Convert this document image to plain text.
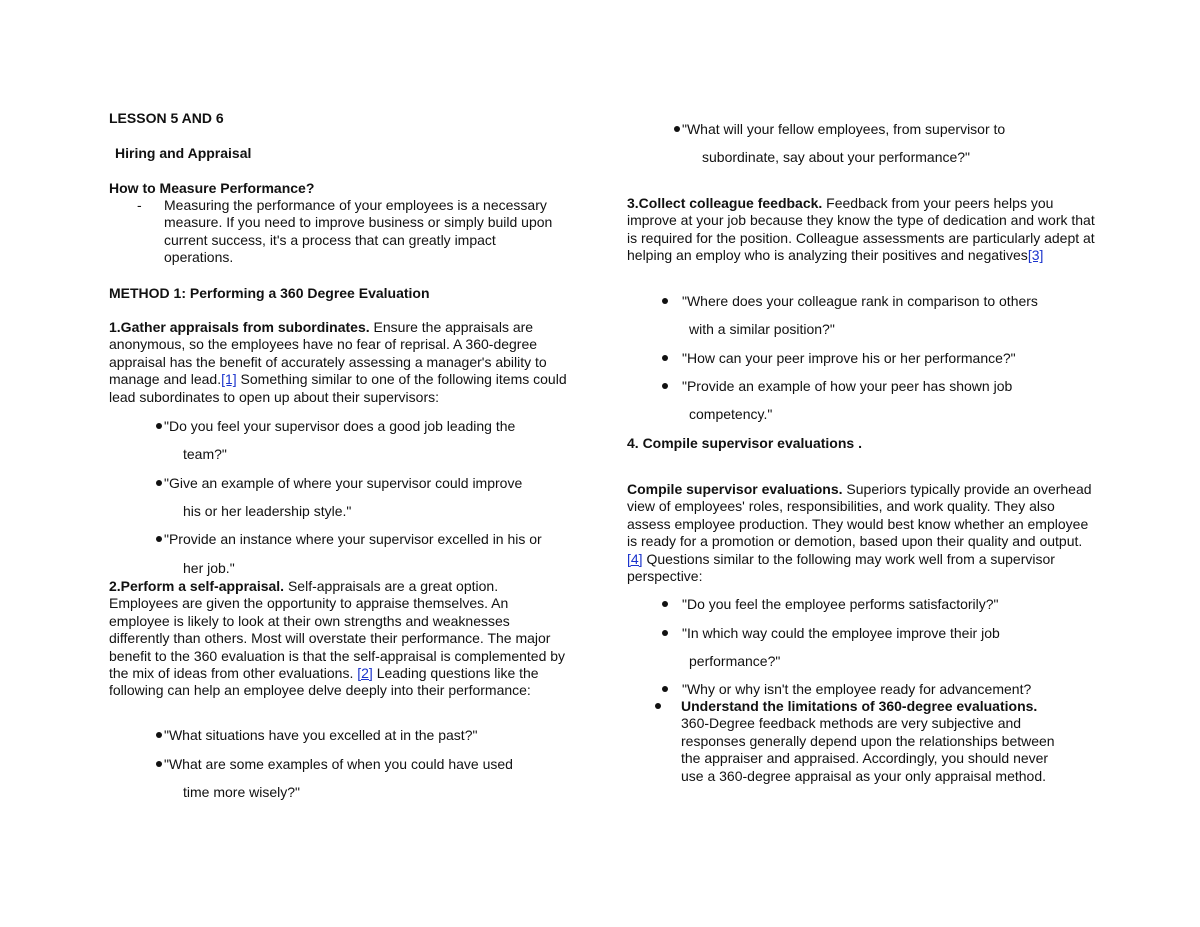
LESSON 5 AND 6

Hiring and Appraisal

How to Measure Performance?

- Measuring the performance of your employees is a necessary measure. If you need to improve business or simply build upon current success, it's a process that can greatly impact operations.

METHOD 1: Performing a 360 Degree Evaluation

1.Gather appraisals from subordinates. Ensure the appraisals are anonymous, so the employees have no fear of reprisal. A 360-degree appraisal has the benefit of accurately assessing a manager's ability to manage and lead.[1] Something similar to one of the following items could lead subordinates to open up about their supervisors:

"Do you feel your supervisor does a good job leading the
team?"
"Give an example of where your supervisor could improve
his or her leadership style."
"Provide an instance where your supervisor excelled in his or
her job."

2.Perform a self-appraisal. Self-appraisals are a great option. Employees are given the opportunity to appraise themselves. An employee is likely to look at their own strengths and weaknesses differently than others. Most will overstate their performance. The major benefit to the 360 evaluation is that the self-appraisal is complemented by the mix of ideas from other evaluations. [2] Leading questions like the following can help an employee delve deeply into their performance:

"What situations have you excelled at in the past?"
"What are some examples of when you could have used
time more wisely?"
"What will your fellow employees, from supervisor to
subordinate, say about your performance?"

3.Collect colleague feedback. Feedback from your peers helps you improve at your job because they know the type of dedication and work that is required for the position. Colleague assessments are particularly adept at helping an employ who is analyzing their positives and negatives[3]

"Where does your colleague rank in comparison to others
with a similar position?"
"How can your peer improve his or her performance?"
"Provide an example of how your peer has shown job
competency."

4. Compile supervisor evaluations .

Compile supervisor evaluations. Superiors typically provide an overhead view of employees' roles, responsibilities, and work quality. They also assess employee production. They would best know whether an employee is ready for a promotion or demotion, based upon their quality and output. [4] Questions similar to the following may work well from a supervisor perspective:

"Do you feel the employee performs satisfactorily?"
"In which way could the employee improve their job
performance?"
"Why or why isn't the employee ready for advancement?

Understand the limitations of 360-degree evaluations. 360-Degree feedback methods are very subjective and responses generally depend upon the relationships between the appraiser and appraised. Accordingly, you should never use a 360-degree appraisal as your only appraisal method.
